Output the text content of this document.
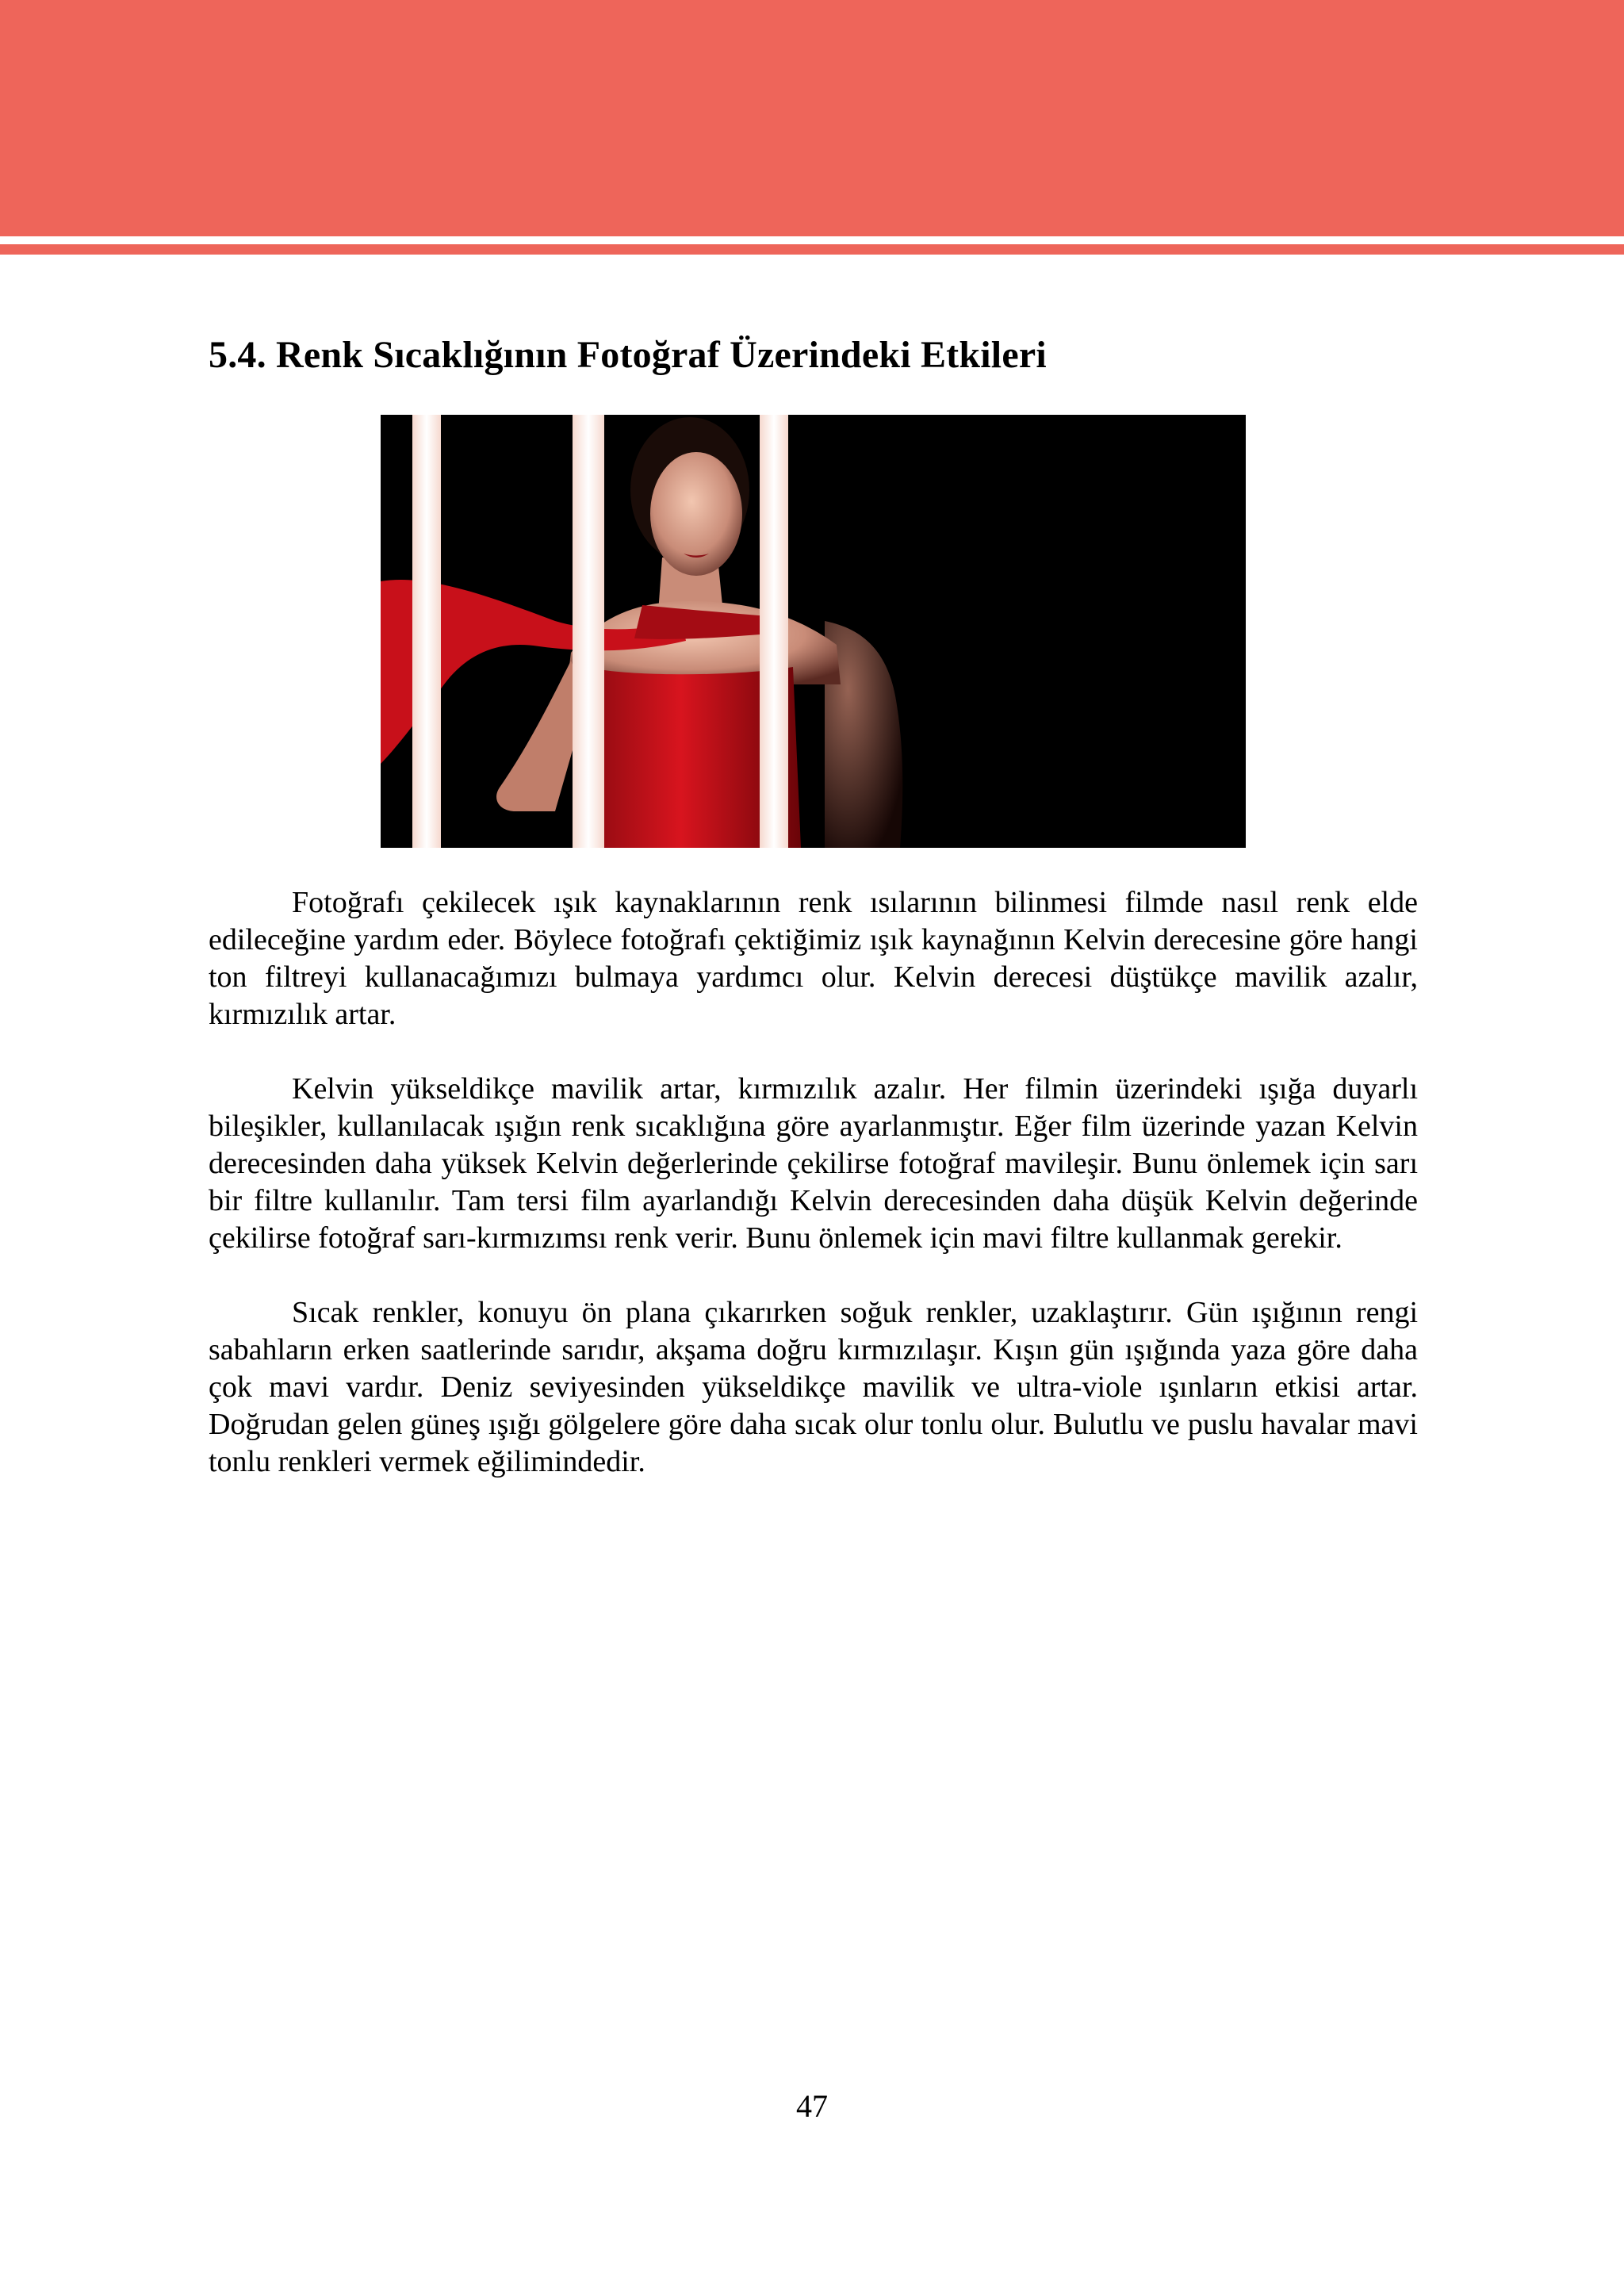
5.4. Renk Sıcaklığının Fotoğraf Üzerindeki Etkileri

Fotoğrafı çekilecek ışık kaynaklarının renk ısılarının bilinmesi filmde nasıl renk elde edileceğine yardım eder. Böylece fotoğrafı çektiğimiz ışık kaynağının Kelvin derecesine göre hangi ton filtreyi kullanacağımızı bulmaya yardımcı olur. Kelvin derecesi düştükçe mavilik azalır, kırmızılık artar.

Kelvin yükseldikçe mavilik artar, kırmızılık azalır. Her filmin üzerindeki ışığa duyarlı bileşikler, kullanılacak ışığın renk sıcaklığına göre ayarlanmıştır. Eğer film üzerinde yazan Kelvin derecesinden daha yüksek Kelvin değerlerinde çekilirse fotoğraf mavileşir. Bunu önlemek için sarı bir filtre kullanılır. Tam tersi film ayarlandığı Kelvin derecesinden daha düşük Kelvin değerinde çekilirse fotoğraf sarı-kırmızımsı renk verir. Bunu önlemek için mavi filtre kullanmak gerekir.

Sıcak renkler, konuyu ön plana çıkarırken soğuk renkler, uzaklaştırır. Gün ışığının rengi sabahların erken saatlerinde sarıdır, akşama doğru kırmızılaşır. Kışın gün ışığında yaza göre daha çok mavi vardır. Deniz seviyesinden yükseldikçe mavilik ve ultra-viole ışınların etkisi artar. Doğrudan gelen güneş ışığı gölgelere göre daha sıcak olur tonlu olur. Bulutlu ve puslu havalar mavi tonlu renkleri vermek eğilimindedir.

47
